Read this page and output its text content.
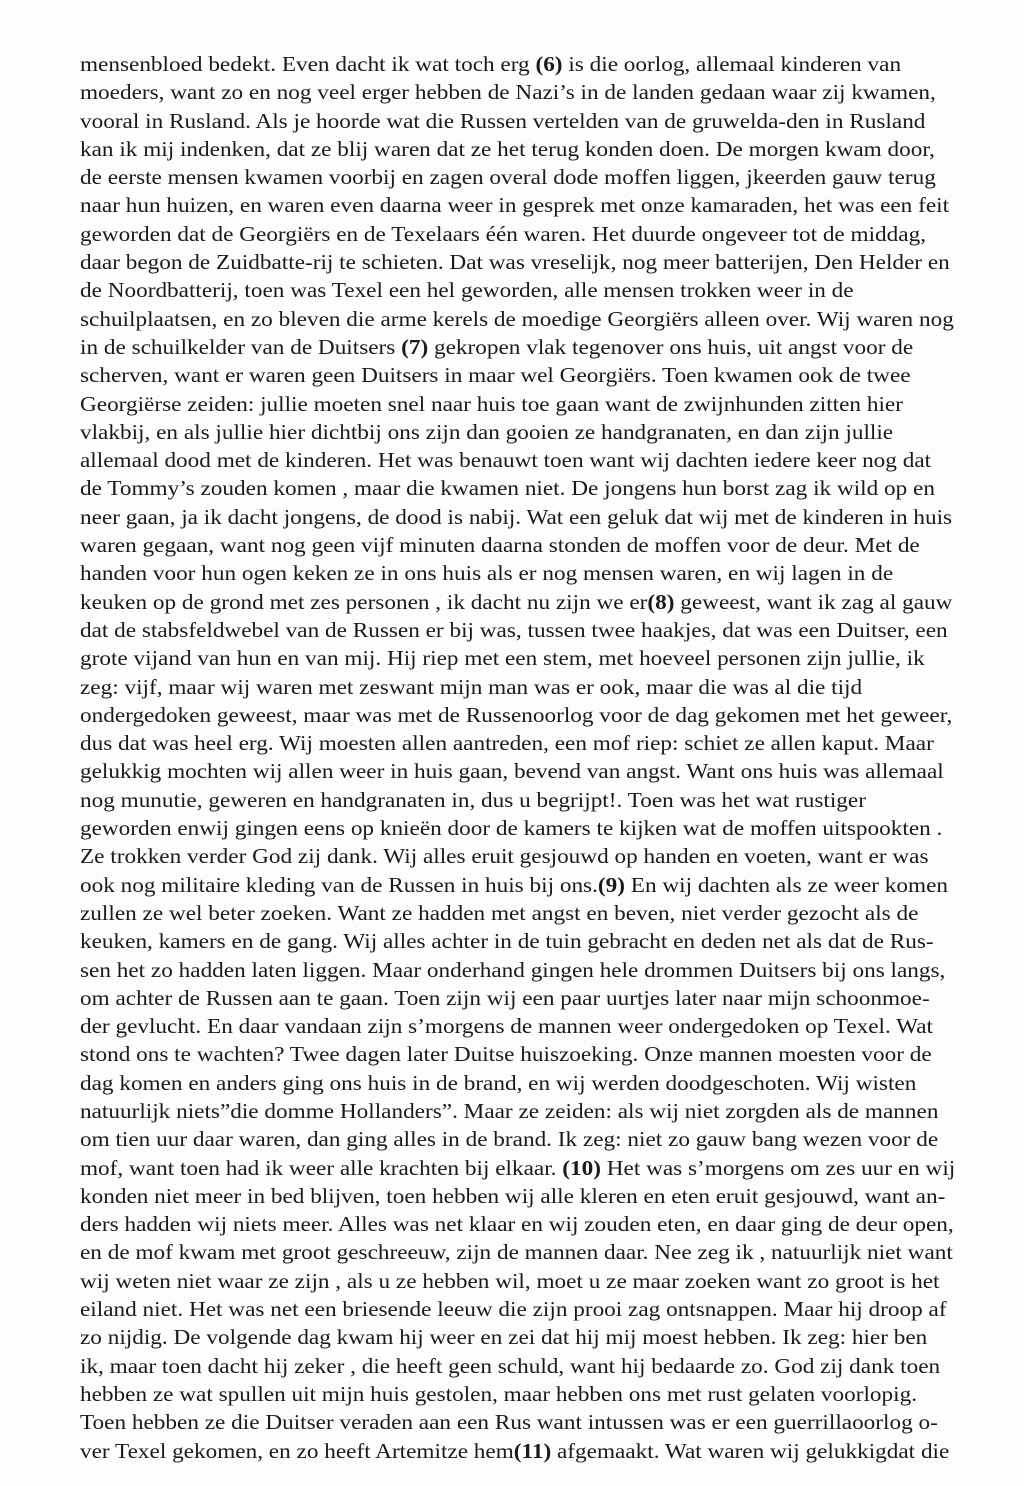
mensenbloed bedekt. Even dacht ik wat toch erg (6) is die oorlog, allemaal kinderen van
moeders, want zo en nog veel erger hebben de Nazi’s in de landen gedaan waar zij kwamen,
vooral in Rusland. Als je hoorde wat die Russen vertelden van de gruwelda-den in Rusland
kan ik mij indenken, dat ze blij waren dat ze het terug konden doen. De morgen kwam door,
de eerste mensen kwamen voorbij en zagen overal dode moffen liggen, jkeerden gauw terug
naar hun huizen, en waren even daarna weer in gesprek met onze kamaraden, het was een feit
geworden dat de Georgiërs en de Texelaars één waren. Het duurde ongeveer tot de middag,
daar begon de Zuidbatte-rij te schieten. Dat was vreselijk, nog meer batterijen, Den Helder en
de Noordbatterij, toen was Texel een hel geworden, alle mensen trokken weer in de
schuilplaatsen, en zo bleven die arme kerels de moedige Georgiërs alleen over. Wij waren nog
in de schuilkelder van de Duitsers (7) gekropen vlak tegenover ons huis, uit angst voor de
scherven, want er waren geen Duitsers in maar wel Georgiërs. Toen kwamen ook de twee
Georgiërse zeiden: jullie moeten snel naar huis toe gaan want de zwijnhunden zitten hier
vlakbij, en als jullie hier dichtbij ons zijn dan gooien ze handgranaten, en dan zijn jullie
allemaal dood met de kinderen. Het was benauwt toen want wij dachten iedere keer nog dat
de Tommy’s zouden komen , maar die kwamen niet. De jongens hun borst zag ik wild op en
neer gaan, ja ik dacht jongens, de dood is nabij. Wat een geluk dat wij met de kinderen in huis
waren gegaan, want nog geen vijf minuten daarna stonden de moffen voor de deur. Met de
handen voor hun ogen keken ze in ons huis als er nog mensen waren, en wij lagen in de
keuken op de grond met zes personen , ik dacht nu zijn we er(8) geweest, want ik zag al gauw
dat de stabsfeldwebel van de Russen er bij was, tussen twee haakjes, dat was een Duitser, een
grote vijand van hun en van mij. Hij riep met een stem, met hoeveel personen zijn jullie, ik
zeg: vijf, maar wij waren met zeswant mijn man was er ook, maar die was al die tijd
ondergedoken geweest, maar was met de Russenoorlog voor de dag gekomen met het geweer,
dus dat was heel erg. Wij moesten allen aantreden, een mof riep: schiet ze allen kaput. Maar
gelukkig mochten wij allen weer in huis gaan, bevend van angst. Want ons huis was allemaal
nog munutie, geweren en handgranaten in, dus u begrijpt!. Toen was het wat rustiger
geworden enwij gingen eens op knieën door de kamers te kijken wat de moffen uitspookten .
Ze trokken verder God zij dank. Wij alles eruit gesjouwd op handen en voeten, want er was
ook nog militaire kleding van de Russen in huis bij ons.(9) En wij dachten als ze weer komen
zullen ze wel beter zoeken. Want ze hadden met angst en beven, niet verder gezocht als de
keuken, kamers en de gang. Wij alles achter in de tuin gebracht en deden net als dat de Rus-
sen het zo hadden laten liggen. Maar onderhand gingen hele drommen Duitsers bij ons langs,
om achter de Russen aan te gaan. Toen zijn wij een paar uurtjes later naar mijn schoonmoe-
der gevlucht. En daar vandaan zijn s’morgens de mannen weer ondergedoken op Texel. Wat
stond ons te wachten? Twee dagen later Duitse huiszoeking. Onze mannen moesten voor de
dag komen en anders ging ons huis in de brand, en wij werden doodgeschoten. Wij wisten
natuurlijk niets”die domme Hollanders”. Maar ze zeiden: als wij niet zorgden als de mannen
om tien uur daar waren, dan ging alles in de brand. Ik zeg: niet zo gauw bang wezen voor de
mof, want toen had ik weer alle krachten bij elkaar. (10) Het was s’morgens om zes uur en wij
konden niet meer in bed blijven, toen hebben wij alle kleren en eten eruit gesjouwd, want an-
ders hadden wij niets meer. Alles was net klaar en wij zouden eten, en daar ging de deur open,
en de mof kwam met groot geschreeuw, zijn de mannen daar. Nee zeg ik , natuurlijk niet want
wij weten niet waar ze zijn , als u ze hebben wil, moet u ze maar zoeken want zo groot is het
eiland niet. Het was net een briesende leeuw die zijn prooi zag ontsnappen. Maar hij droop af
zo nijdig. De volgende dag kwam hij weer en zei dat hij mij moest hebben. Ik zeg: hier ben
ik, maar toen dacht hij zeker , die heeft geen schuld, want hij bedaarde zo. God zij dank toen
hebben ze wat spullen uit mijn huis gestolen, maar hebben ons met rust gelaten voorlopig.
Toen hebben ze die Duitser veraden aan een Rus want intussen was er een guerrillaoorlog o-
ver Texel gekomen, en zo heeft Artemitze hem(11) afgemaakt. Wat waren wij gelukkigdat die
